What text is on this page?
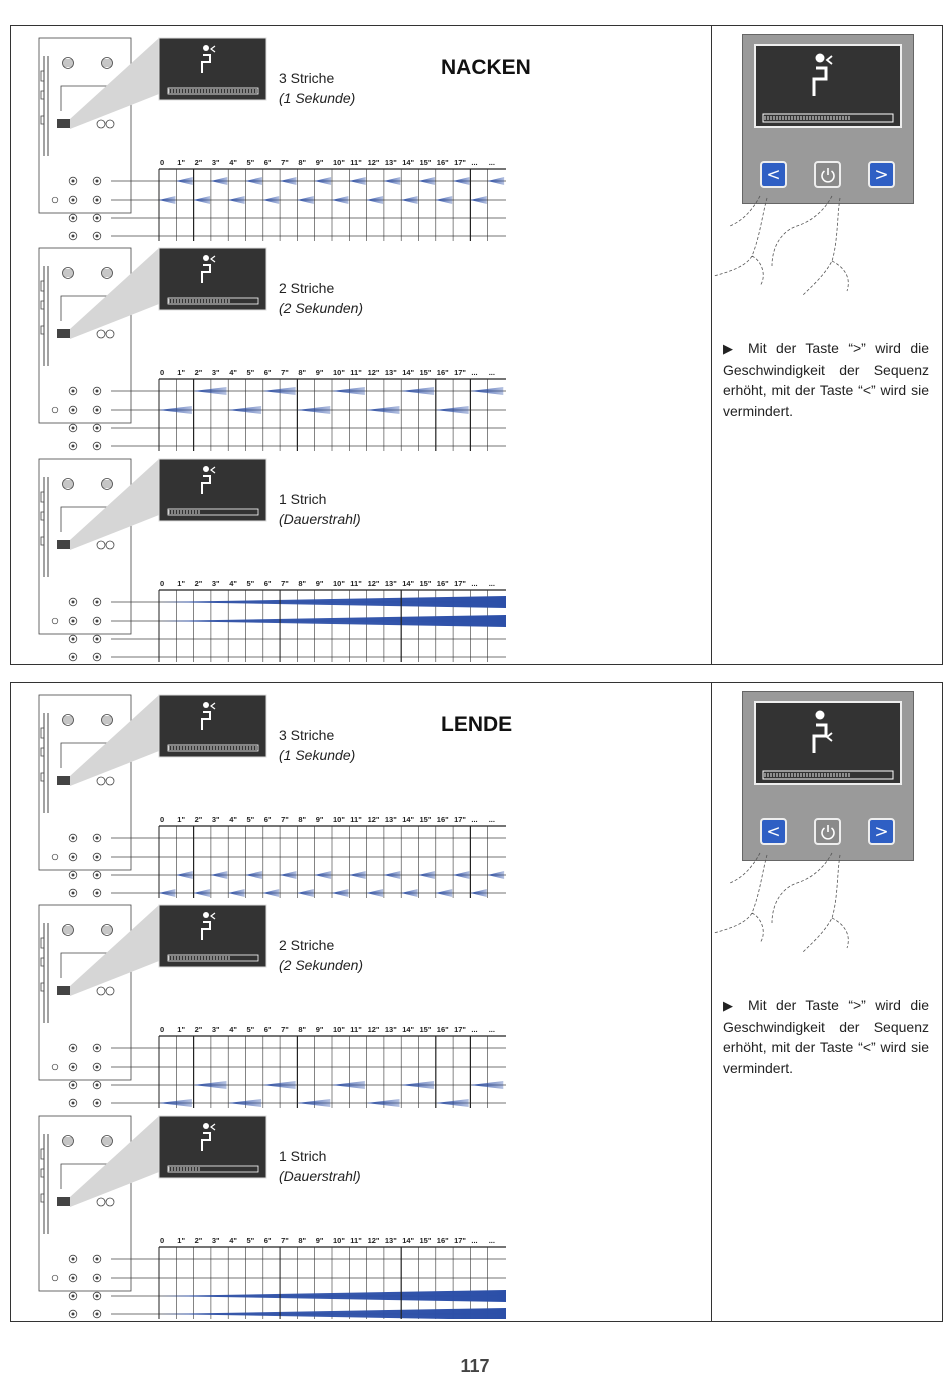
NACKEN
0 1" 2" 3" 4" 5" 6" 7" 8" 9" 10" 11" 12" 13" 14" 15" 16" 17" ... ...
3 Striche
(1 Sekunde)
0 1" 2" 3" 4" 5" 6" 7" 8" 9" 10" 11" 12" 13" 14" 15" 16" 17" ... ...
2 Striche
(2 Sekunden)
0 1" 2" 3" 4" 5" 6" 7" 8" 9" 10" 11" 12" 13" 14" 15" 16" 17" ... ...
1 Strich
(Dauerstrahl)
<	>
▶ Mit der Taste “>” wird die Geschwindigkeit der Sequenz erhöht, mit der Taste “<” wird sie vermindert.
LENDE
0 1" 2" 3" 4" 5" 6" 7" 8" 9" 10" 11" 12" 13" 14" 15" 16" 17" ... ...
3 Striche
(1 Sekunde)
0 1" 2" 3" 4" 5" 6" 7" 8" 9" 10" 11" 12" 13" 14" 15" 16" 17" ... ...
2 Striche
(2 Sekunden)
0 1" 2" 3" 4" 5" 6" 7" 8" 9" 10" 11" 12" 13" 14" 15" 16" 17" ... ...
1 Strich
(Dauerstrahl)
<	>
▶ Mit der Taste “>” wird die Geschwindigkeit der Sequenz erhöht, mit der Taste “<” wird sie vermindert.
117
